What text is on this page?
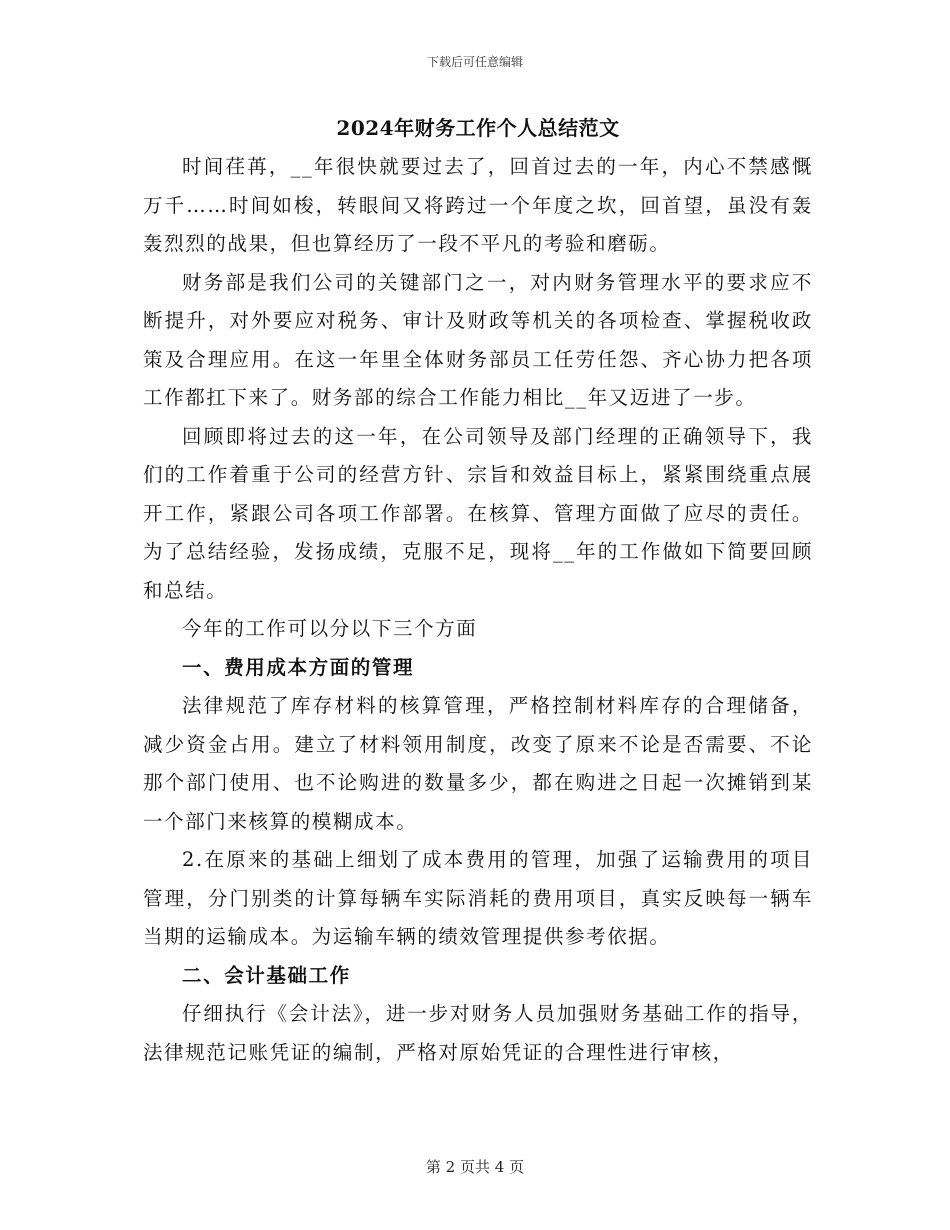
下载后可任意编辑
2024年财务工作个人总结范文

时间荏苒，__年很快就要过去了，回首过去的一年，内心不禁感慨万千……时间如梭，转眼间又将跨过一个年度之坎，回首望，虽没有轰轰烈烈的战果，但也算经历了一段不平凡的考验和磨砺。

财务部是我们公司的关键部门之一，对内财务管理水平的要求应不断提升，对外要应对税务、审计及财政等机关的各项检查、掌握税收政策及合理应用。在这一年里全体财务部员工任劳任怨、齐心协力把各项工作都扛下来了。财务部的综合工作能力相比__年又迈进了一步。

回顾即将过去的这一年，在公司领导及部门经理的正确领导下，我们的工作着重于公司的经营方针、宗旨和效益目标上，紧紧围绕重点展开工作，紧跟公司各项工作部署。在核算、管理方面做了应尽的责任。为了总结经验，发扬成绩，克服不足，现将__年的工作做如下简要回顾和总结。

今年的工作可以分以下三个方面

一、费用成本方面的管理

法律规范了库存材料的核算管理，严格控制材料库存的合理储备，减少资金占用。建立了材料领用制度，改变了原来不论是否需要、不论那个部门使用、也不论购进的数量多少，都在购进之日起一次摊销到某一个部门来核算的模糊成本。

2.在原来的基础上细划了成本费用的管理，加强了运输费用的项目管理，分门别类的计算每辆车实际消耗的费用项目，真实反映每一辆车当期的运输成本。为运输车辆的绩效管理提供参考依据。

二、会计基础工作

仔细执行《会计法》，进一步对财务人员加强财务基础工作的指导，法律规范记账凭证的编制，严格对原始凭证的合理性进行审核，

第 2 页共 4 页
